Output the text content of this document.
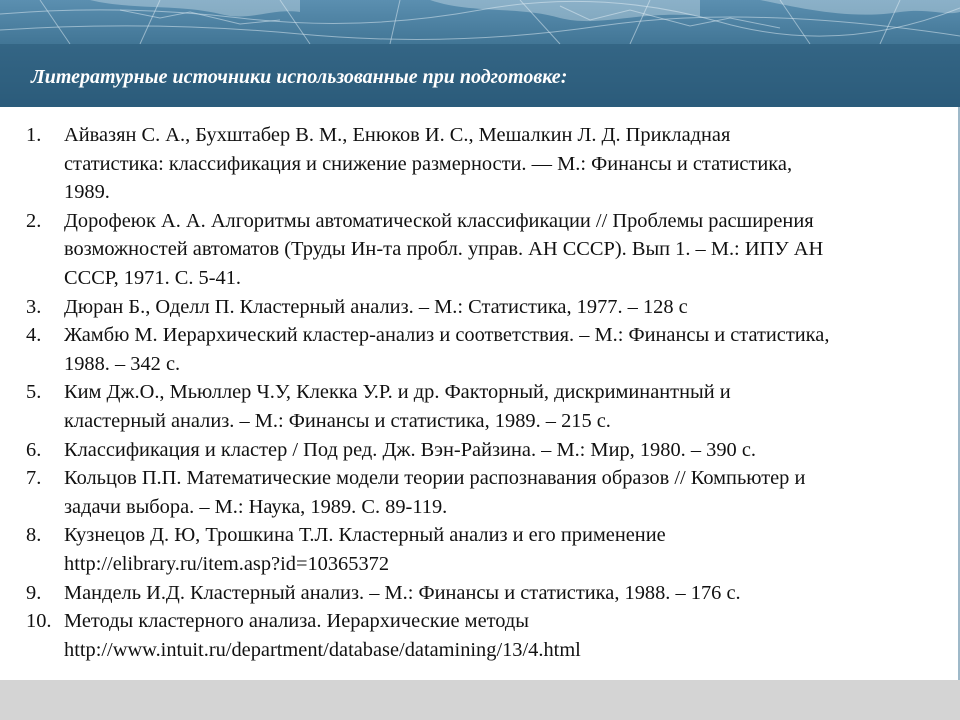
Литературные источники использованные при подготовке:
1.	Айвазян С. А., Бухштабер В. М., Енюков И. С., Мешалкин Л. Д. Прикладная
статистика: классификация и снижение размерности. — М.: Финансы и статистика,
1989.
2.	Дорофеюк А. А. Алгоритмы автоматической классификации // Проблемы расширения
возможностей автоматов (Труды Ин-та пробл. управ. АН СССР). Вып 1. – М.: ИПУ АН
СССР, 1971. С. 5-41.
3.	Дюран Б., Оделл П. Кластерный анализ. – М.: Статистика, 1977. – 128 с
4.	Жамбю М. Иерархический кластер-анализ и соответствия. – М.: Финансы и статистика,
1988. – 342 с.
5.	Ким Дж.О., Мьюллер Ч.У, Клекка У.Р. и др. Факторный, дискриминантный и
кластерный анализ. – М.: Финансы и статистика, 1989. – 215 с.
6.	Классификация и кластер / Под ред. Дж. Вэн-Райзина. – М.: Мир, 1980. – 390 с.
7.	Кольцов П.П. Математические модели теории распознавания образов // Компьютер и
задачи выбора. – М.: Наука, 1989. С. 89-119.
8.	Кузнецов Д. Ю, Трошкина Т.Л. Кластерный анализ и его применение
http://elibrary.ru/item.asp?id=10365372
9.	Мандель И.Д. Кластерный анализ. – М.: Финансы и статистика, 1988. – 176 с.
10. Методы кластерного анализа. Иерархические методы
http://www.intuit.ru/department/database/datamining/13/4.html
